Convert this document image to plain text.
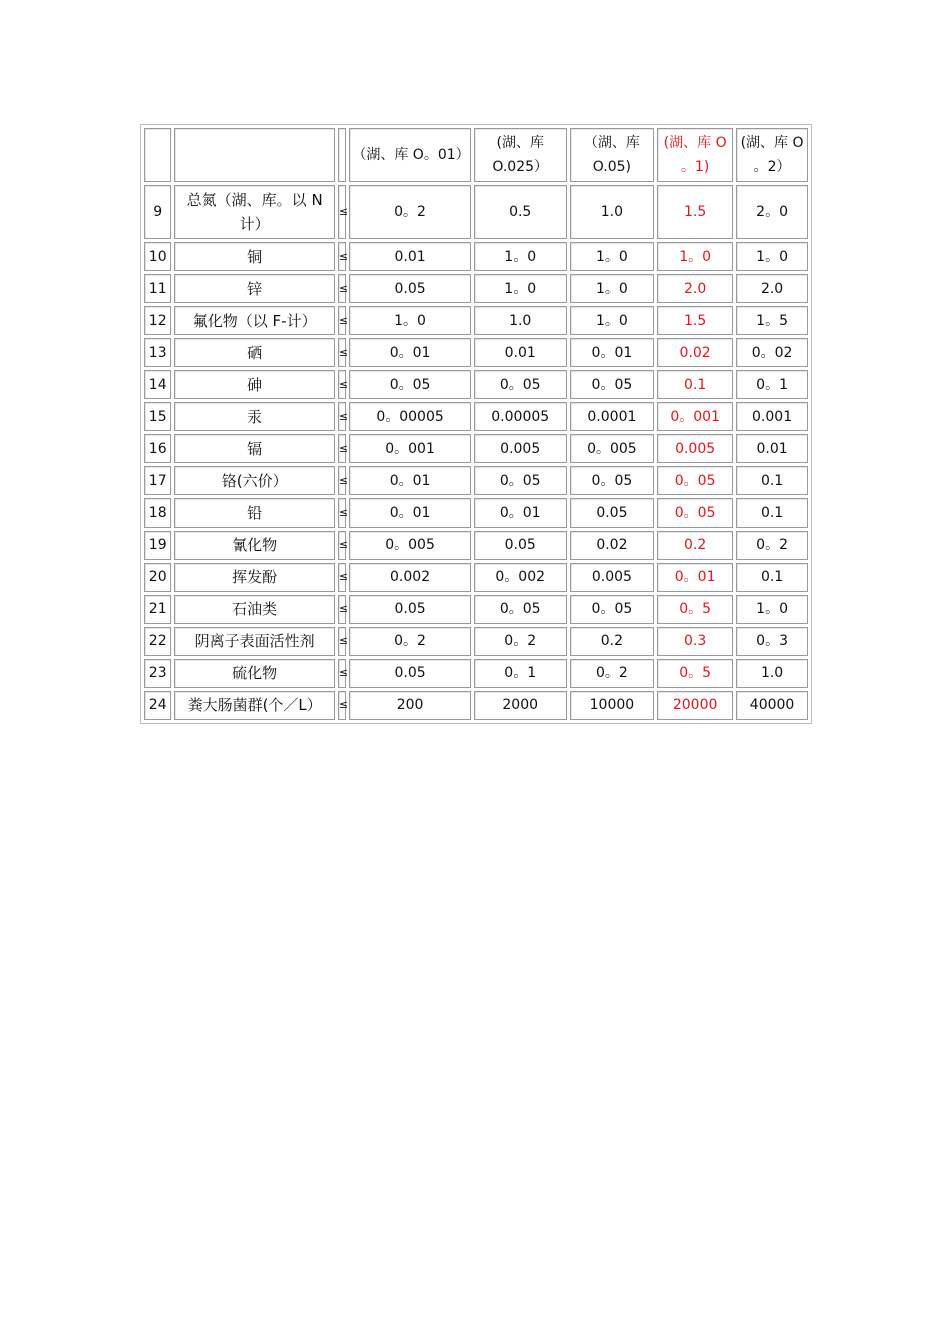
			（湖、库 O。01）	(湖、库 O.025）	（湖、库 O.05)	(湖、库 O 。1)	(湖、库 O 。2）
9	总氮（湖、库。以 N 计）	≤	0。2	0.5	1.0	1.5	2。0
10	铜	≤	0.01	1。0	1。0	1。0	1。0
11	锌	≤	0.05	1。0	1。0	2.0	2.0
12	氟化物（以 F-计）	≤	1。0	1.0	1。0	1.5	1。5
13	硒	≤	0。01	0.01	0。01	0.02	0。02
14	砷	≤	0。05	0。05	0。05	0.1	0。1
15	汞	≤	0。00005	0.00005	0.0001	0。001	0.001
16	镉	≤	0。001	0.005	0。005	0.005	0.01
17	铬(六价）	≤	0。01	0。05	0。05	0。05	0.1
18	铅	≤	0。01	0。01	0.05	0。05	0.1
19	氰化物	≤	0。005	0.05	0.02	0.2	0。2
20	挥发酚	≤	0.002	0。002	0.005	0。01	0.1
21	石油类	≤	0.05	0。05	0。05	0。5	1。0
22	阴离子表面活性剂	≤	0。2	0。2	0.2	0.3	0。3
23	硫化物	≤	0.05	0。1	0。2	0。5	1.0
24	粪大肠菌群(个／L）	≤	200	2000	10000	20000	40000
